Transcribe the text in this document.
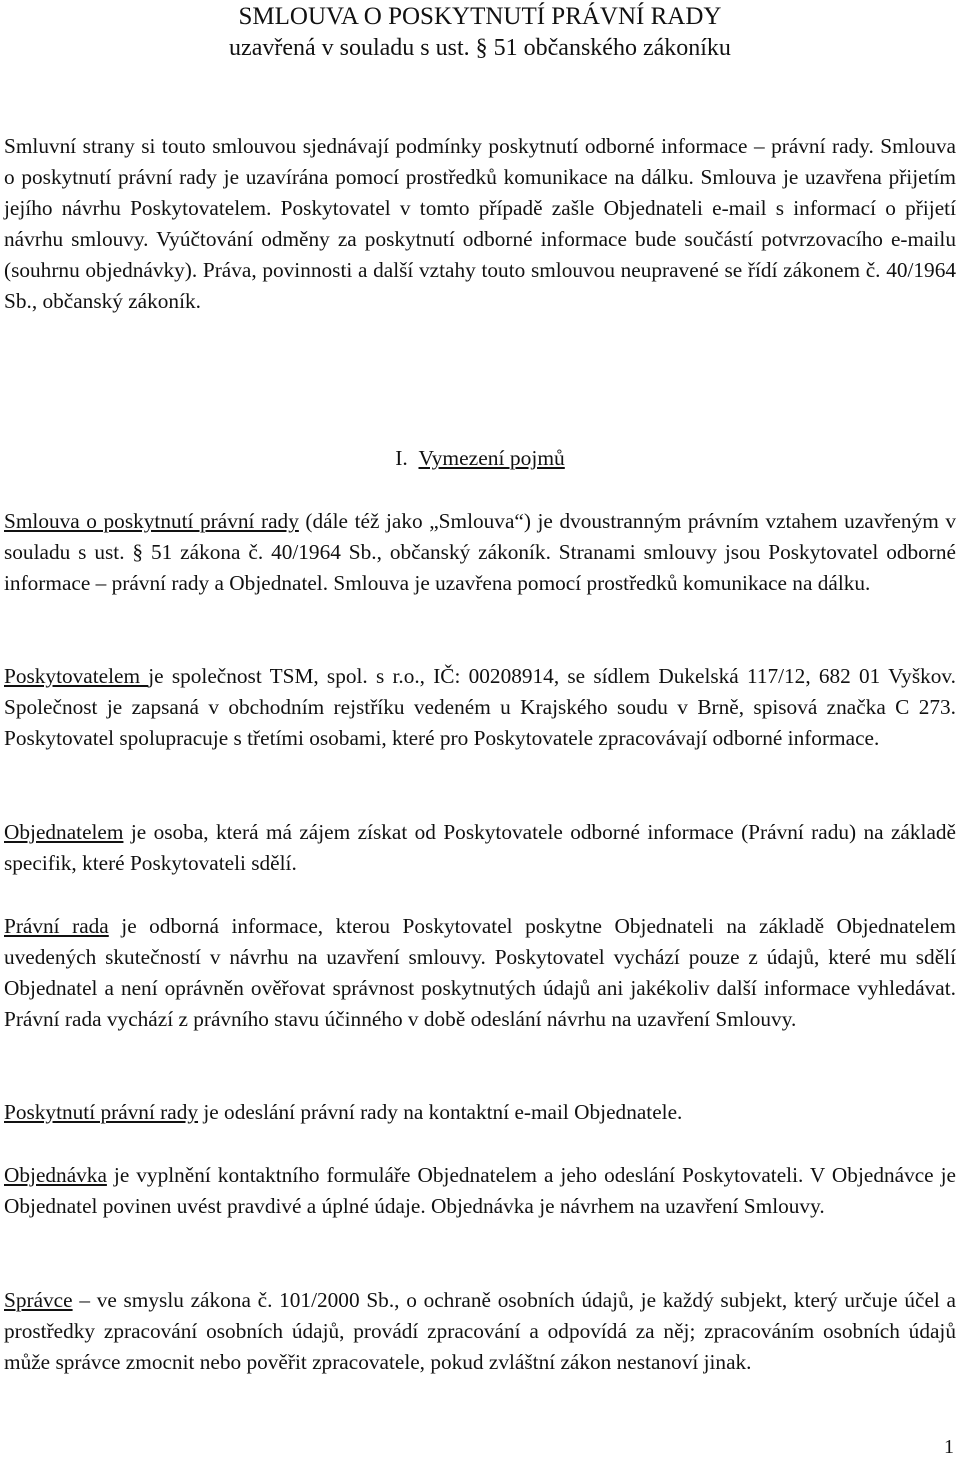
SMLOUVA O POSKYTNUTÍ PRÁVNÍ RADY
uzavřená v souladu s ust. § 51 občanského zákoníku
Smluvní strany si touto smlouvou sjednávají podmínky poskytnutí odborné informace – právní rady. Smlouva o poskytnutí právní rady je uzavírána pomocí prostředků komunikace na dálku. Smlouva je uzavřena přijetím jejího návrhu Poskytovatelem. Poskytovatel v tomto případě zašle Objednateli e-mail s informací o přijetí návrhu smlouvy. Vyúčtování odměny za poskytnutí odborné informace bude součástí potvrzovacího e-mailu (souhrnu objednávky). Práva, povinnosti a další vztahy touto smlouvou neupravené se řídí zákonem č. 40/1964 Sb., občanský zákoník.
I. Vymezení pojmů
Smlouva o poskytnutí právní rady (dále též jako „Smlouva“) je dvoustranným právním vztahem uzavřeným v souladu s ust. § 51 zákona č. 40/1964 Sb., občanský zákoník. Stranami smlouvy jsou Poskytovatel odborné informace – právní rady a Objednatel. Smlouva je uzavřena pomocí prostředků komunikace na dálku.
Poskytovatelem je společnost TSM, spol. s r.o., IČ: 00208914, se sídlem Dukelská 117/12, 682 01 Vyškov. Společnost je zapsaná v obchodním rejstříku vedeném u Krajského soudu v Brně, spisová značka C 273. Poskytovatel spolupracuje s třetími osobami, které pro Poskytovatele zpracovávají odborné informace.
Objednatelem je osoba, která má zájem získat od Poskytovatele odborné informace (Právní radu) na základě specifik, které Poskytovateli sdělí.
Právní rada je odborná informace, kterou Poskytovatel poskytne Objednateli na základě Objednatelem uvedených skutečností v návrhu na uzavření smlouvy. Poskytovatel vychází pouze z údajů, které mu sdělí Objednatel a není oprávněn ověřovat správnost poskytnutých údajů ani jakékoliv další informace vyhledávat. Právní rada vychází z právního stavu účinného v době odeslání návrhu na uzavření Smlouvy.
Poskytnutí právní rady je odeslání právní rady na kontaktní e-mail Objednatele.
Objednávka je vyplnění kontaktního formuláře Objednatelem a jeho odeslání Poskytovateli. V Objednávce je Objednatel povinen uvést pravdivé a úplné údaje. Objednávka je návrhem na uzavření Smlouvy.
Správce – ve smyslu zákona č. 101/2000 Sb., o ochraně osobních údajů, je každý subjekt, který určuje účel a prostředky zpracování osobních údajů, provádí zpracování a odpovídá za něj; zpracováním osobních údajů může správce zmocnit nebo pověřit zpracovatele, pokud zvláštní zákon nestanoví jinak.
1
